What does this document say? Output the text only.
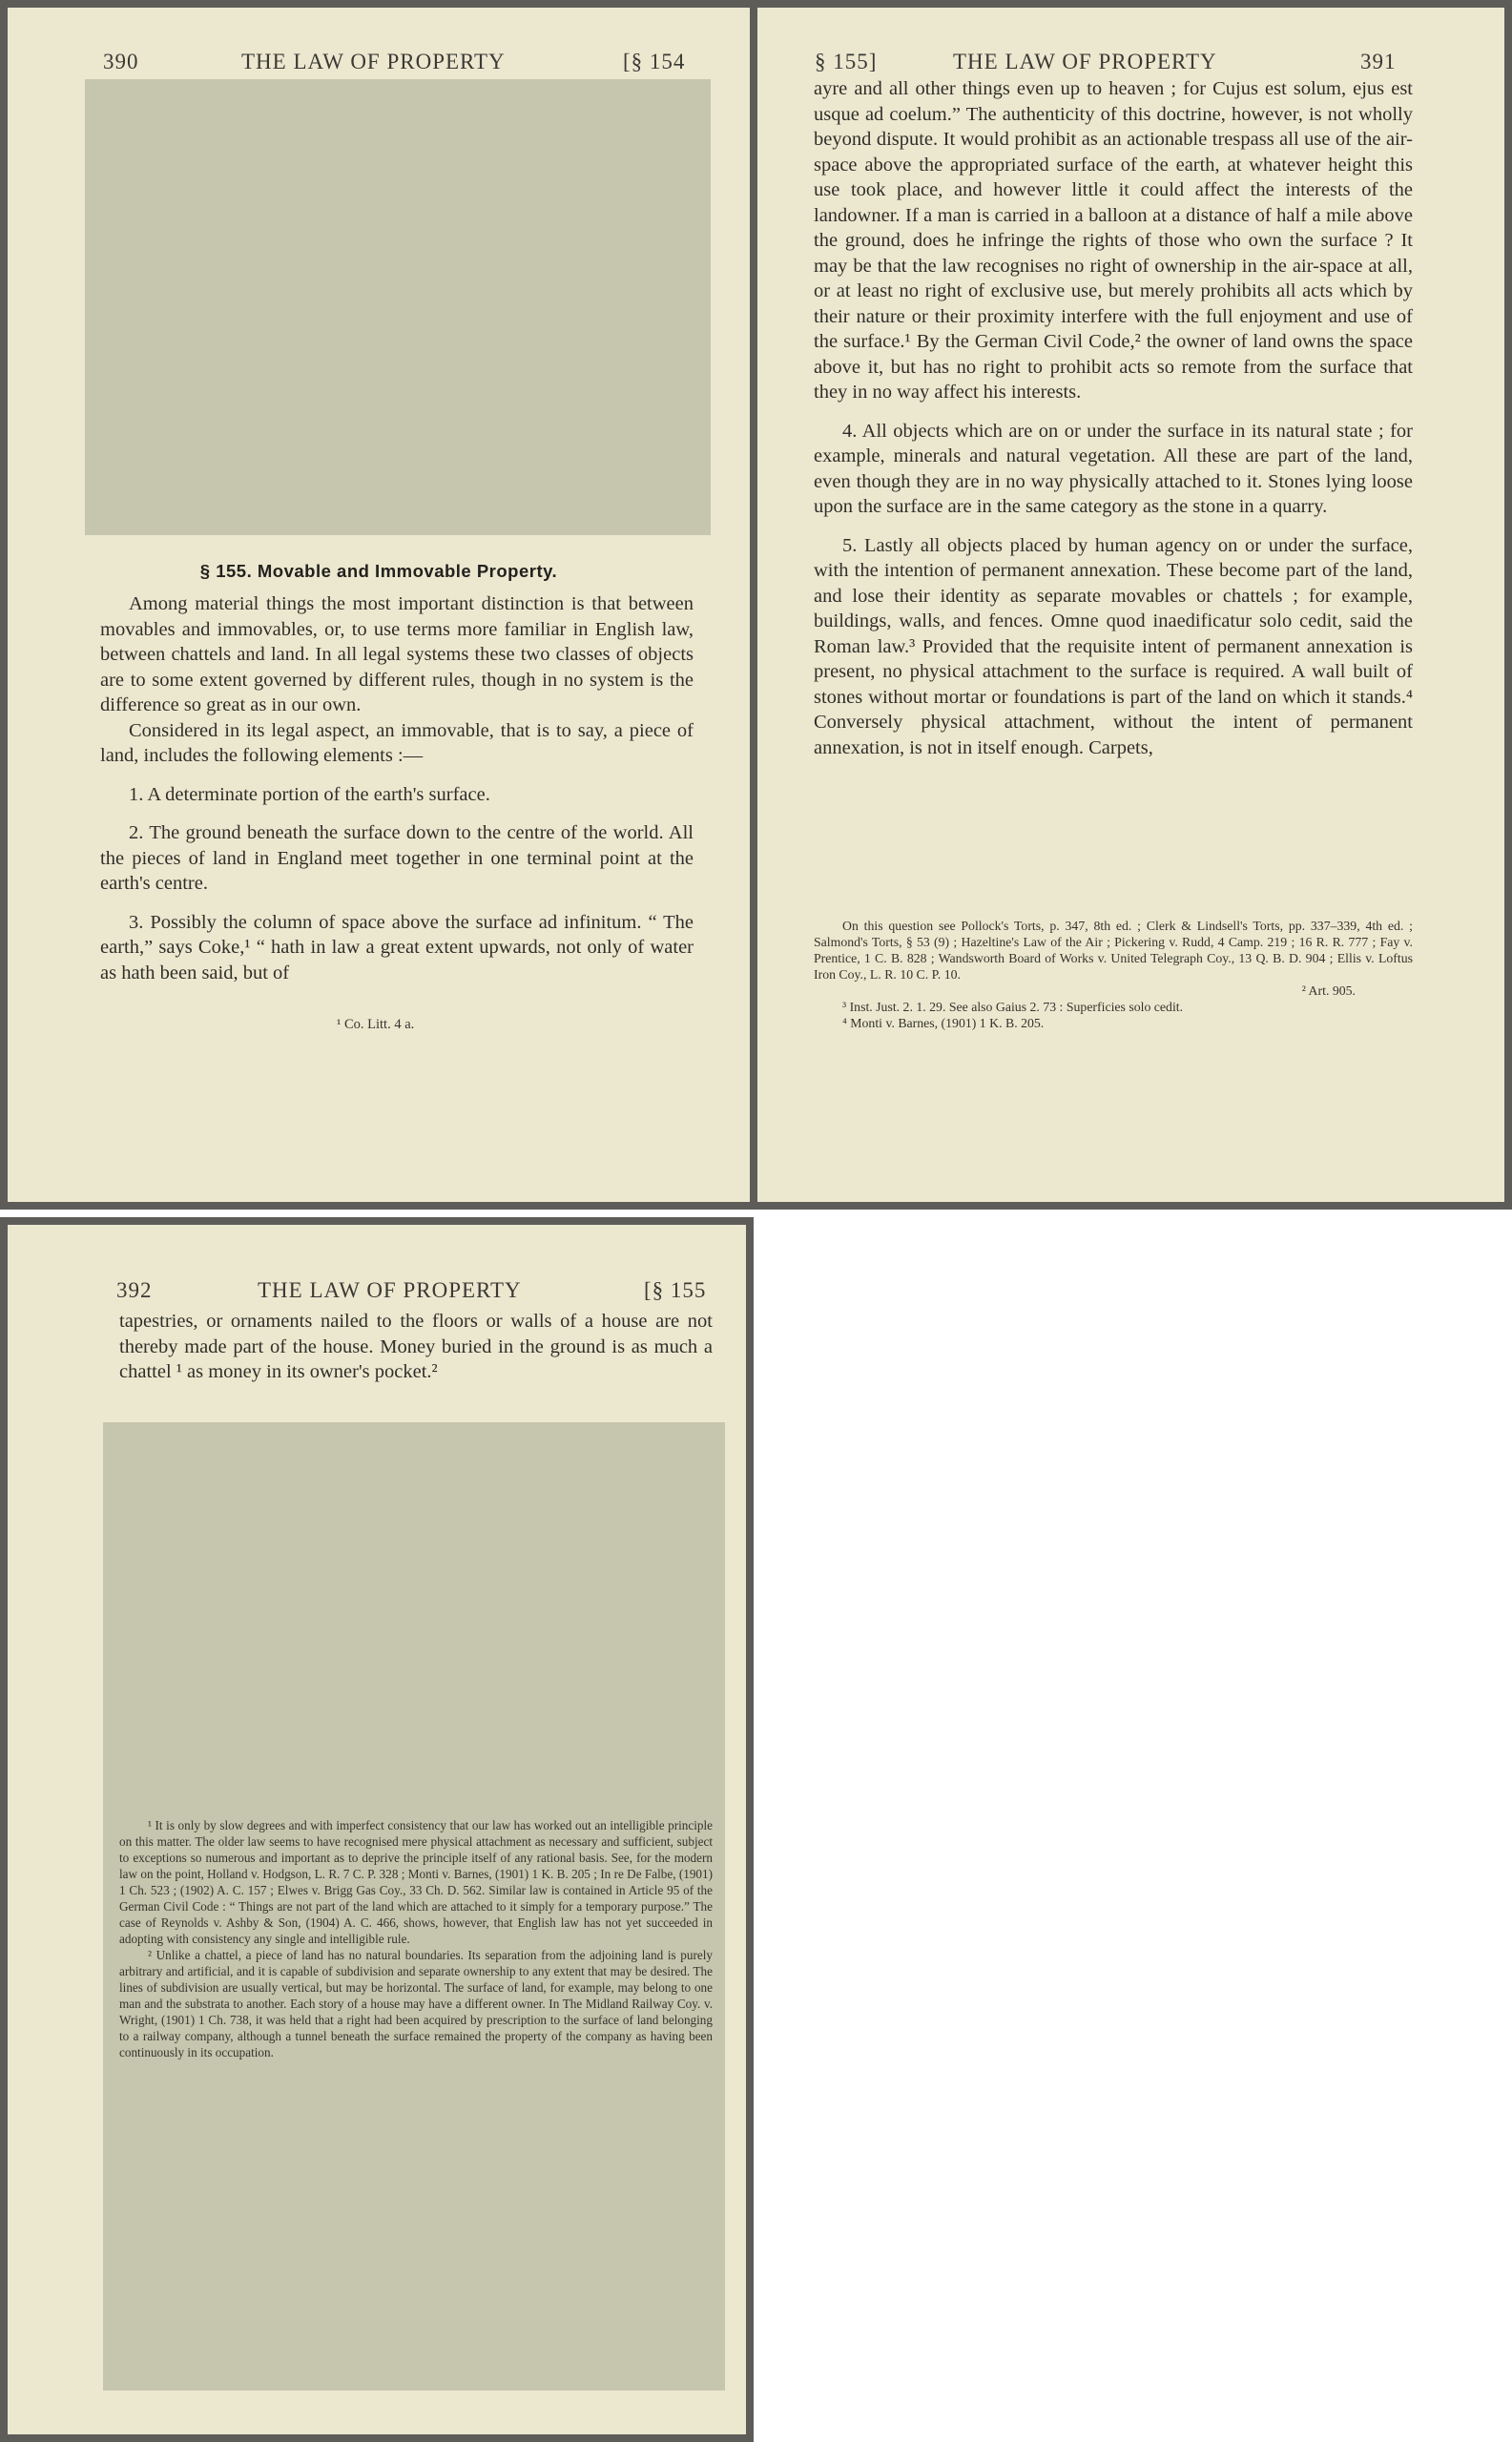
390	THE LAW OF PROPERTY	[§ 154
§ 155. Movable and Immovable Property.

Among material things the most important distinction is that between movables and immovables, or, to use terms more familiar in English law, between chattels and land. In all legal systems these two classes of objects are to some extent governed by different rules, though in no system is the difference so great as in our own.

Considered in its legal aspect, an immovable, that is to say, a piece of land, includes the following elements :—

1. A determinate portion of the earth's surface.

2. The ground beneath the surface down to the centre of the world. All the pieces of land in England meet together in one terminal point at the earth's centre.

3. Possibly the column of space above the surface ad infinitum. “ The earth,” says Coke,¹ “ hath in law a great extent upwards, not only of water as hath been said, but of

¹ Co. Litt. 4 a.
§ 155]	THE LAW OF PROPERTY	391

ayre and all other things even up to heaven ; for Cujus est solum, ejus est usque ad coelum.” The authenticity of this doctrine, however, is not wholly beyond dispute. It would prohibit as an actionable trespass all use of the air-space above the appropriated surface of the earth, at whatever height this use took place, and however little it could affect the interests of the landowner. If a man is carried in a balloon at a distance of half a mile above the ground, does he infringe the rights of those who own the surface ? It may be that the law recognises no right of ownership in the air-space at all, or at least no right of exclusive use, but merely prohibits all acts which by their nature or their proximity interfere with the full enjoyment and use of the surface.¹ By the German Civil Code,² the owner of land owns the space above it, but has no right to prohibit acts so remote from the surface that they in no way affect his interests.

4. All objects which are on or under the surface in its natural state ; for example, minerals and natural vegetation. All these are part of the land, even though they are in no way physically attached to it. Stones lying loose upon the surface are in the same category as the stone in a quarry.

5. Lastly all objects placed by human agency on or under the surface, with the intention of permanent annexation. These become part of the land, and lose their identity as separate movables or chattels ; for example, buildings, walls, and fences. Omne quod inaedificatur solo cedit, said the Roman law.³ Provided that the requisite intent of permanent annexation is present, no physical attachment to the surface is required. A wall built of stones without mortar or foundations is part of the land on which it stands.⁴ Conversely physical attachment, without the intent of permanent annexation, is not in itself enough. Carpets,

On this question see Pollock's Torts, p. 347, 8th ed. ; Clerk & Lindsell's Torts, pp. 337–339, 4th ed. ; Salmond's Torts, § 53 (9) ; Hazeltine's Law of the Air ; Pickering v. Rudd, 4 Camp. 219 ; 16 R. R. 777 ; Fay v. Prentice, 1 C. B. 828 ; Wandsworth Board of Works v. United Telegraph Coy., 13 Q. B. D. 904 ; Ellis v. Loftus Iron Coy., L. R. 10 C. P. 10.

² Art. 905.

³ Inst. Just. 2. 1. 29. See also Gaius 2. 73 : Superficies solo cedit.

⁴ Monti v. Barnes, (1901) 1 K. B. 205.

392	THE LAW OF PROPERTY	[§ 155

tapestries, or ornaments nailed to the floors or walls of a house are not thereby made part of the house. Money buried in the ground is as much a chattel ¹ as money in its owner's pocket.²

¹ It is only by slow degrees and with imperfect consistency that our law has worked out an intelligible principle on this matter. The older law seems to have recognised mere physical attachment as necessary and sufficient, subject to exceptions so numerous and important as to deprive the principle itself of any rational basis. See, for the modern law on the point, Holland v. Hodgson, L. R. 7 C. P. 328 ; Monti v. Barnes, (1901) 1 K. B. 205 ; In re De Falbe, (1901) 1 Ch. 523 ; (1902) A. C. 157 ; Elwes v. Brigg Gas Coy., 33 Ch. D. 562. Similar law is contained in Article 95 of the German Civil Code : “ Things are not part of the land which are attached to it simply for a temporary purpose.” The case of Reynolds v. Ashby & Son, (1904) A. C. 466, shows, however, that English law has not yet succeeded in adopting with consistency any single and intelligible rule.

² Unlike a chattel, a piece of land has no natural boundaries. Its separation from the adjoining land is purely arbitrary and artificial, and it is capable of subdivision and separate ownership to any extent that may be desired. The lines of subdivision are usually vertical, but may be horizontal. The surface of land, for example, may belong to one man and the substrata to another. Each story of a house may have a different owner. In The Midland Railway Coy. v. Wright, (1901) 1 Ch. 738, it was held that a right had been acquired by prescription to the surface of land belonging to a railway company, although a tunnel beneath the surface remained the property of the company as having been continuously in its occupation.
